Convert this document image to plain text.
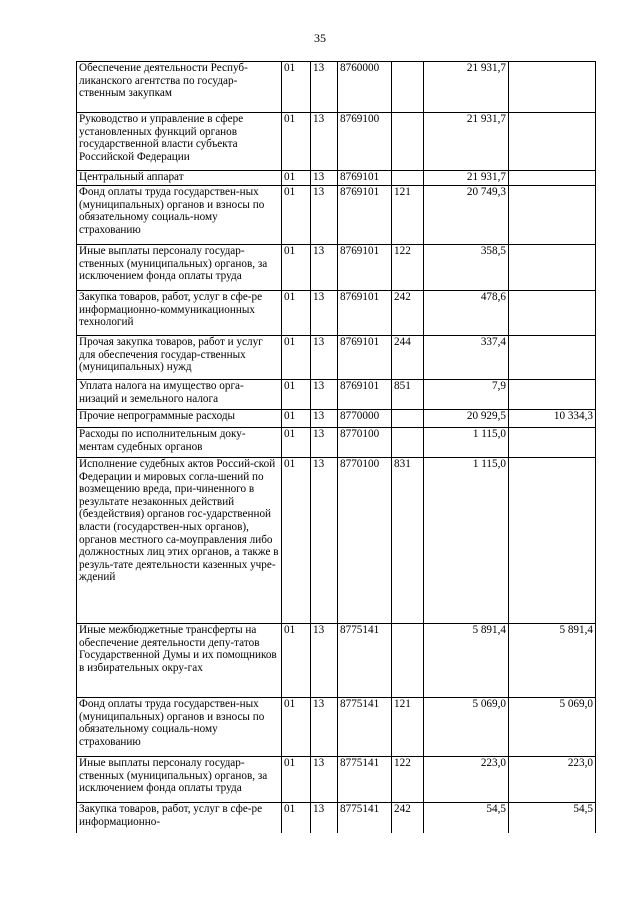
35
Обеспечение деятельности Респуб-ликанского агентства по государ-ственным закупкам	01	13	8760000		21 931,7	
Руководство и управление в сфере установленных функций органов государственной власти субъекта Российской Федерации	01	13	8769100		21 931,7	
Центральный аппарат	01	13	8769101		21 931,7	
Фонд оплаты труда государствен-ных (муниципальных) органов и взносы по обязательному социаль-ному страхованию	01	13	8769101	121	20 749,3	
Иные выплаты персоналу государ-ственных (муниципальных) органов, за исключением фонда оплаты труда	01	13	8769101	122	358,5	
Закупка товаров, работ, услуг в сфе-ре информационно-коммуникационных технологий	01	13	8769101	242	478,6	
Прочая закупка товаров, работ и услуг для обеспечения государ-ственных (муниципальных) нужд	01	13	8769101	244	337,4	
Уплата налога на имущество орга-низаций и земельного налога	01	13	8769101	851	7,9	
Прочие непрограммные расходы	01	13	8770000		20 929,5	10 334,3
Расходы по исполнительным доку-ментам судебных органов	01	13	8770100		1 115,0	
Исполнение судебных актов Россий-ской Федерации и мировых согла-шений по возмещению вреда, при-чиненного в результате незаконных действий (бездействия) органов гос-ударственной власти (государствен-ных органов), органов местного са-моуправления либо должностных лиц этих органов, а также в резуль-тате деятельности казенных учре-ждений	01	13	8770100	831	1 115,0	
Иные межбюджетные трансферты на обеспечение деятельности депу-татов Государственной Думы и их помощников в избирательных окру-гах	01	13	8775141		5 891,4	5 891,4
Фонд оплаты труда государствен-ных (муниципальных) органов и взносы по обязательному социаль-ному страхованию	01	13	8775141	121	5 069,0	5 069,0
Иные выплаты персоналу государ-ственных (муниципальных) органов, за исключением фонда оплаты труда	01	13	8775141	122	223,0	223,0
Закупка товаров, работ, услуг в сфе-ре информационно-	01	13	8775141	242	54,5	54,5
